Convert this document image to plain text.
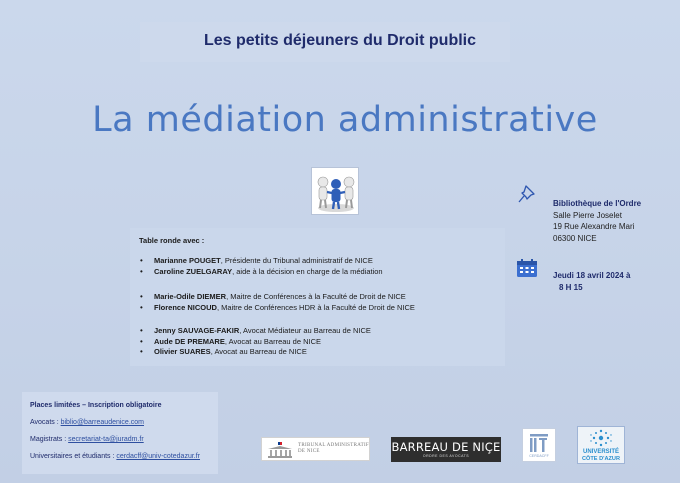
Les petits déjeuners du Droit public
La médiation administrative
Table ronde avec :
• Marianne POUGET, Présidente du Tribunal administratif de NICE
• Caroline ZUELGARAY, aide à la décision en charge de la médiation
• Marie-Odile DIEMER, Maitre de Conférences à la Faculté de Droit de NICE
• Florence NICOUD, Maitre de Conférences HDR à la Faculté de Droit de NICE
• Jenny SAUVAGE-FAKIR, Avocat Médiateur au Barreau de NICE
• Aude DE PREMARE, Avocat au Barreau de NICE
• Olivier SUARES, Avocat au Barreau de NICE
Bibliothèque de l'Ordre
Salle Pierre Joselet
19 Rue Alexandre Mari
06300 NICE
Jeudi 18 avril 2024 à
8 H 15
Places limitées – Inscription obligatoire
Avocats : biblio@barreaudenice.com
Magistrats : secretariat-ta@juradm.fr
Universitaires et étudiants : cerdacff@univ-cotedazur.fr
TRIBUNAL ADMINISTRATIF
DE NICE	BARREAU DE NIÇE
ORDRE DES AVOCATS	CERDACFF
UNIVERSITÉ
CÔTE D'AZUR
